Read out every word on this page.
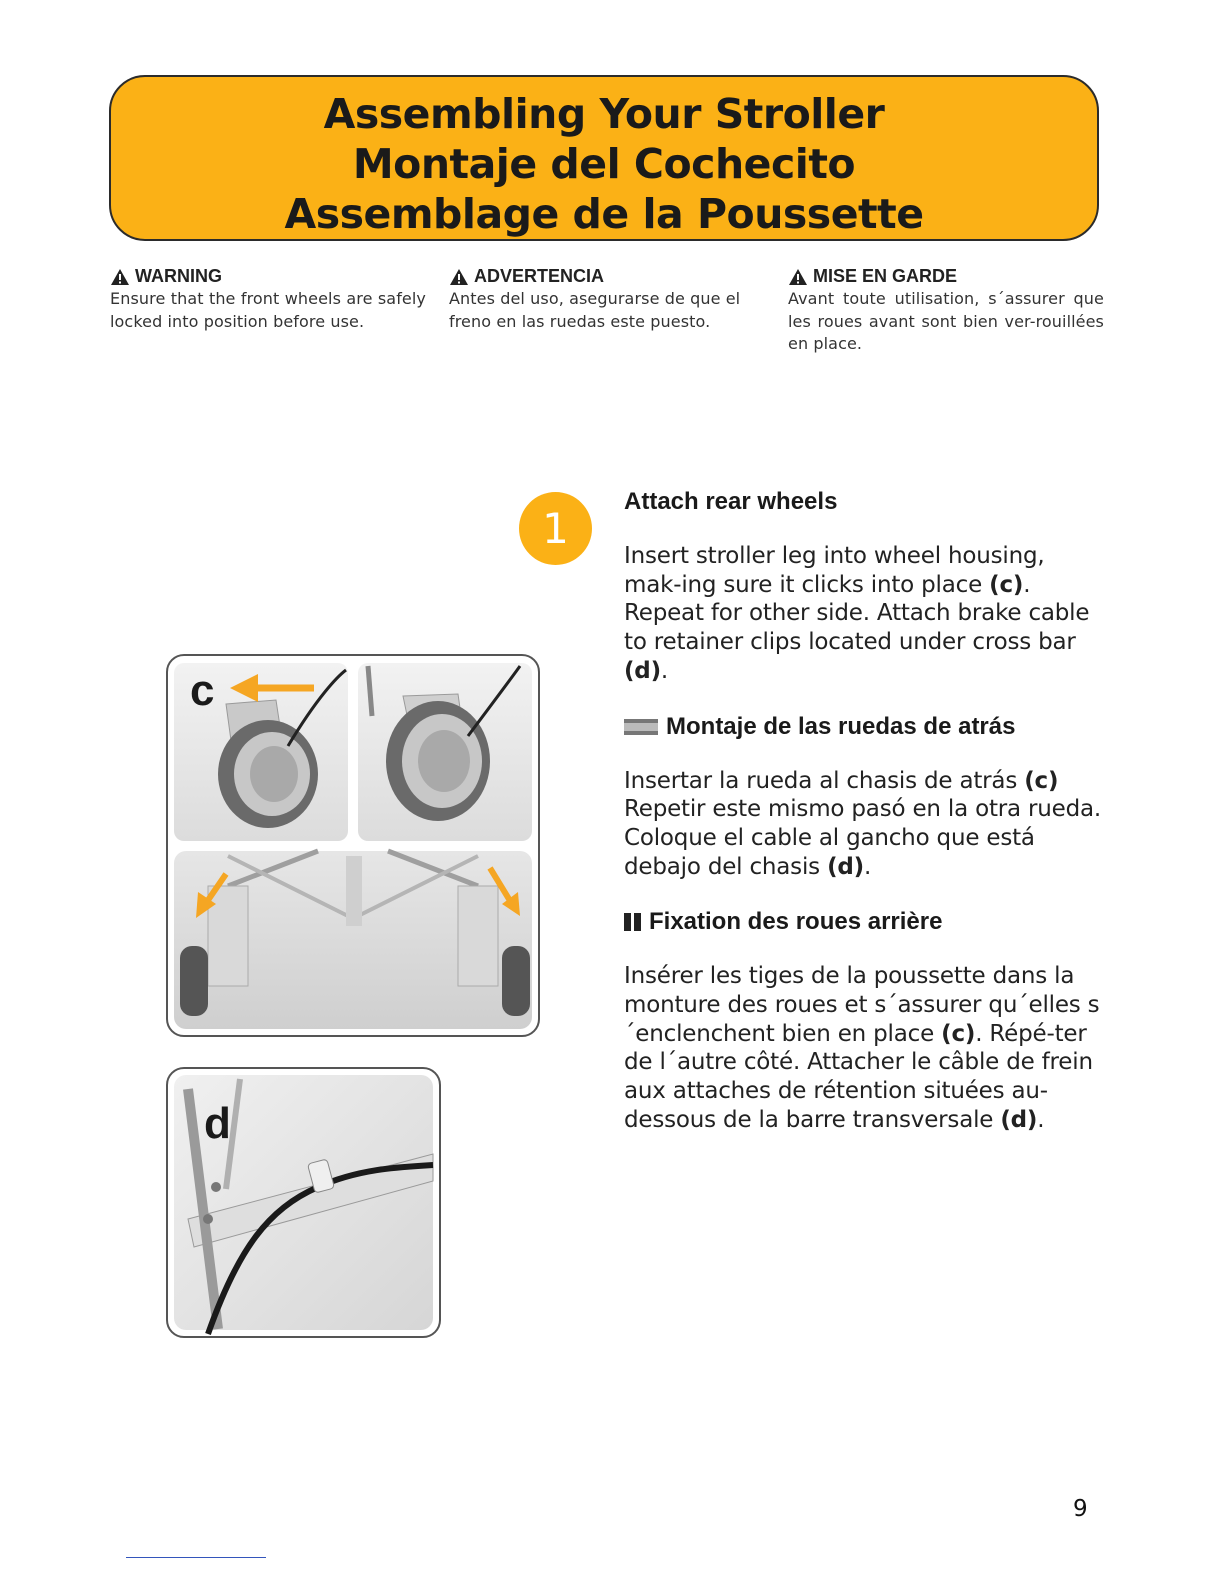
Assembling Your Stroller
Montaje del Cochecito
Assemblage de la Poussette
WARNING
Ensure that the front wheels are safely locked into position before use.
ADVERTENCIA
Antes del uso, asegurarse de que el freno en las ruedas este puesto.
MISE EN GARDE
Avant toute utilisation, s´assurer que les roues avant sont bien ver-rouillées en place.
1
Attach rear wheels
Insert stroller leg into wheel housing, mak-ing sure it clicks into place (c). Repeat for other side. Attach brake cable to retainer clips located under cross bar (d).
Montaje de las ruedas de atrás
Insertar la rueda al chasis de atrás (c) Repetir este mismo pasó en la otra rueda. Coloque el cable al gancho que está debajo del chasis (d).
Fixation des roues arrière
Insérer les tiges de la poussette dans la monture des roues et s´assurer qu´elles s´enclenchent bien en place (c). Répé-ter de l´autre côté. Attacher le câble de frein aux attaches de rétention situées au-dessous de la barre transversale (d).
c
d
9
